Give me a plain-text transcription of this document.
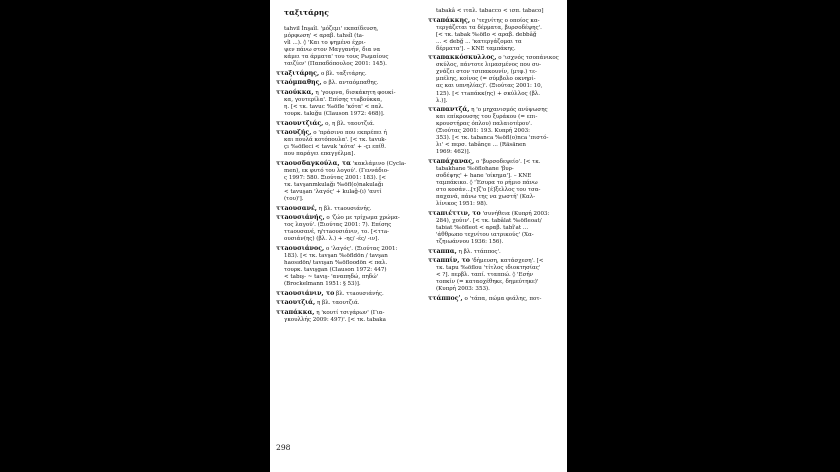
ταξιτάρης

tahvil İnşaîl. 'μόζεμι' εκπαίδευση,
μόρφωση' < αραβ. tahsîl (ta-
vîl ...). ◊ 'Και το ψημένο έχρι-
ψεν πάνω στον Μαγγανήν, δια να
κάμει τα άρματα' του τους Ρωμαίους
ταιζίεν' (Παπαδόπουλος 2001: 145).

ττaξιτάρης, ο βλ. ταξιτάρης.

ττaόμπαθης, ο βλ. ανταόμπαθης.

ττaούκκα, η 'γουρνα, δισκάκητη φουκί-
κα, γουτερίλα'. Επίσης ττaβούκκα,
η. [< τκ. tavuc ‰öfle 'κότα' < παλ.
τουρκ. takığu (Clauson 1972: 468)].

ττaουντζιάς, ο, η βλ. ταουτζιά.

ττaουζής, ο 'πράσινο που εκπρέπει ή
και πουλά κοτόπουλα'. [< τκ. tavuk-
çı ‰öfleci < tavuk 'κότα' + -çı επίθ.
που παράγει επαγγέλμα].

ττaουσδαγκούλα, τα 'κακλάμινο (Cycla-
men), εκ φυτό του λογού'. (Γεννάδιο-
ς 1997: 580. Ξιούτας 2001: 183). [<
τκ. tavşanmkulağı ‰öfl(o)nakulağı
< tavuşan 'λαγός' + kulağ-(ı) 'αυτί
(του)'].

ττaουσανέ, η βλ. ττaουσιάνής.

ττaουσιάνής, ο 'ζώο με τρίχωμα χρώμα-
τος λαγού'. (Ξιούτας 2001: 7). Επίσης
ττaουσανέ, η/ττaουσιάνιν, το. [<ττa-
ουσιάν(ης) (βλ. λ.) + -ης/ -ές/ -ιν].

ττaουσιάνος, ο 'λαγός'. (Ξιούτας 2001:
183). [< τκ. tavşan ‰öfldön / tavşan
haosıdön/ tavışan ‰öfloodön < παλ.
τουρκ. tavışgan (Clauson 1972: 447)
< tabış- ~ tavış- 'αναπηδώ, πηδώ'
(Brockelmann 1951: § 53)].

ττaουσιάνιν, το βλ. ττaουσιάνής.

ττaουτζιά, η βλ. ταουτζιά.

ττaπάκκα, η 'κουτί τσιγάρων' (Για-
γκουλλής 2009: 497)'. [< τκ. tabaka

tabakâ < ιταλ. tabacco < ισπ. tabaco]

ττaπάκκης, ο 'τεχνίτης ο οποίος κα-
τεργάζεται τα δέρματα, βυρσοδέψης'.
[< τκ. tabak ‰öflo < αραβ. debbâğ
... < debğ ... 'κατεργάζομαι τα
δέρματα']. – ΚΝΕ ταμπάκης.

ττaπακκόσκυλλος, ο 'ισχνός τσοπάνικος
σκύλος, πάντοτε λιμασμένος που συ-
χνάζει στον τσιπακουνίν, (μτφ.) τε-
μπέλης, κοίνος (= σύμβολο οκνηρί-
ας και υπνηλίας)'. (Ξιούτας 2001: 10,
125). [< ττaπάκκ(ης) + σκύλλος (βλ.
λ.)].

ττaπαντζά, η 'ο μηχανισμός ανύψωσης
και επίκρουσης του ξυράκου (= επι-
κρουστήρας όπλου) παλαιοτέρου'.
(Ξιούτας 2001: 193. Κυπρή 2003:
353). [< τκ. tabanca ‰öfl(o)nca 'πιστό-
λι' < περσ. tabânçe ... (Räsänen
1969: 462)].

ττaπάχανας, ο 'βυρσοδεψείο'. [< τκ.
tabakhane ‰öflohane 'βυρ-
σοδέψης' + hane 'οίκημα']. – ΚΝΕ
ταμπάκικο. ◊ 'Έσυρα το ρήμιο πάνω
στο κοσάν...[τ]ζ'ο [έ]ξελλος του τσα-
παχανά, πάνω της να χωστή' (Καλ-
λίνικος 1951: 98).

ττaπιέττιν, το 'συνήθεια (Κυπρή 2003:
284), χούιν'. [< τκ. tabâlat ‰öfleoat/
tabiat ‰öfleot < αραβ. tabî'at ...
'άθθρωπο τεχνίτου ιατρικούς' (Χα-
τζηιωάννου 1936: 156).

ττaππα, η βλ. ττάππος'.

ττaππίν, το 'δήμευση, κατάσχεση'. [<
τκ. tapu ‰öflou 'τίτλος ιδιοκτησίας'
< ?]. περβλ. ταπί. τταππώ. ◊ 'Εσήν
τοπκίν (= καταοχέθηκε, δημεύτηκε)'
(Κυπρή 2003: 353).

ττάππος', ο 'τάπα, πώμα φιάλης, ποτ-

298
